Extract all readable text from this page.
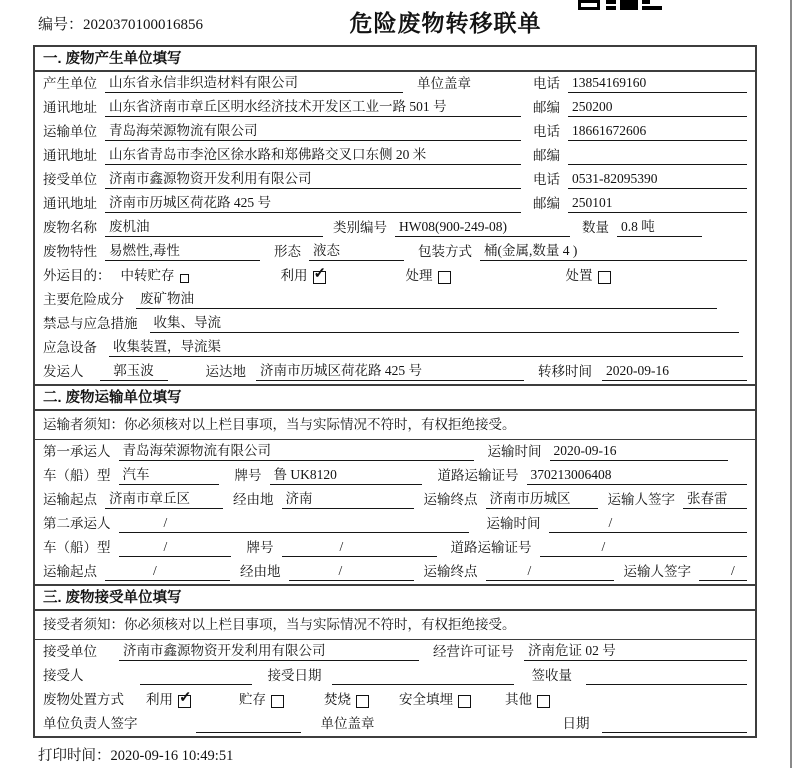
编号：2020370100016856	危险废物转移联单
一. 废物产生单位填写
产生单位 山东省永信非织造材料有限公司	单位盖章	电话 13854169160
通讯地址 山东省济南市章丘区明水经济技术开发区工业一路 501 号	邮编 250200
运输单位 青岛海荣源物流有限公司	电话 18661672606
通讯地址 山东省青岛市李沧区徐水路和郑佛路交叉口东侧 20 米	邮编
接受单位 济南市鑫源物资开发利用有限公司	电话 0531-82095390
通讯地址 济南市历城区荷花路 425 号	邮编 250101
废物名称 废机油	类别编号 HW08(900-249-08)	数量 0.8 吨
废物特性 易燃性,毒性	形态 液态	包装方式 桶(金属,数量 4 )
外运目的： 中转贮存	利用 ✓	处理	处置
主要危险成分 废矿物油
禁忌与应急措施 收集、导流
应急设备 收集装置，导流渠
发运人	郭玉波	运达地 济南市历城区荷花路 425 号	转移时间 2020-09-16
二. 废物运输单位填写
运输者须知： 你必须核对以上栏目事项，当与实际情况不符时，有权拒绝接受。
第一承运人 青岛海荣源物流有限公司	运输时间 2020-09-16
车（船）型 汽车	牌号 鲁 UK8120	道路运输证号 370213006408
运输起点 济南市章丘区	经由地 济南	运输终点 济南市历城区	运输人签字 张春雷
第二承运人	/	运输时间	/
车（船）型	/	牌号	/	道路运输证号	/
运输起点	/	经由地	/	运输终点	/	运输人签字	/
三. 废物接受单位填写
接受者须知： 你必须核对以上栏目事项，当与实际情况不符时，有权拒绝接受。
接受单位 济南市鑫源物资开发利用有限公司	经营许可证号 济南危证 02 号
接受人	接受日期	签收量
废物处置方式 利用 ✓	贮存	焚烧	安全填埋	其他
单位负责人签字	单位盖章	日期
打印时间：2020-09-16 10:49:51
